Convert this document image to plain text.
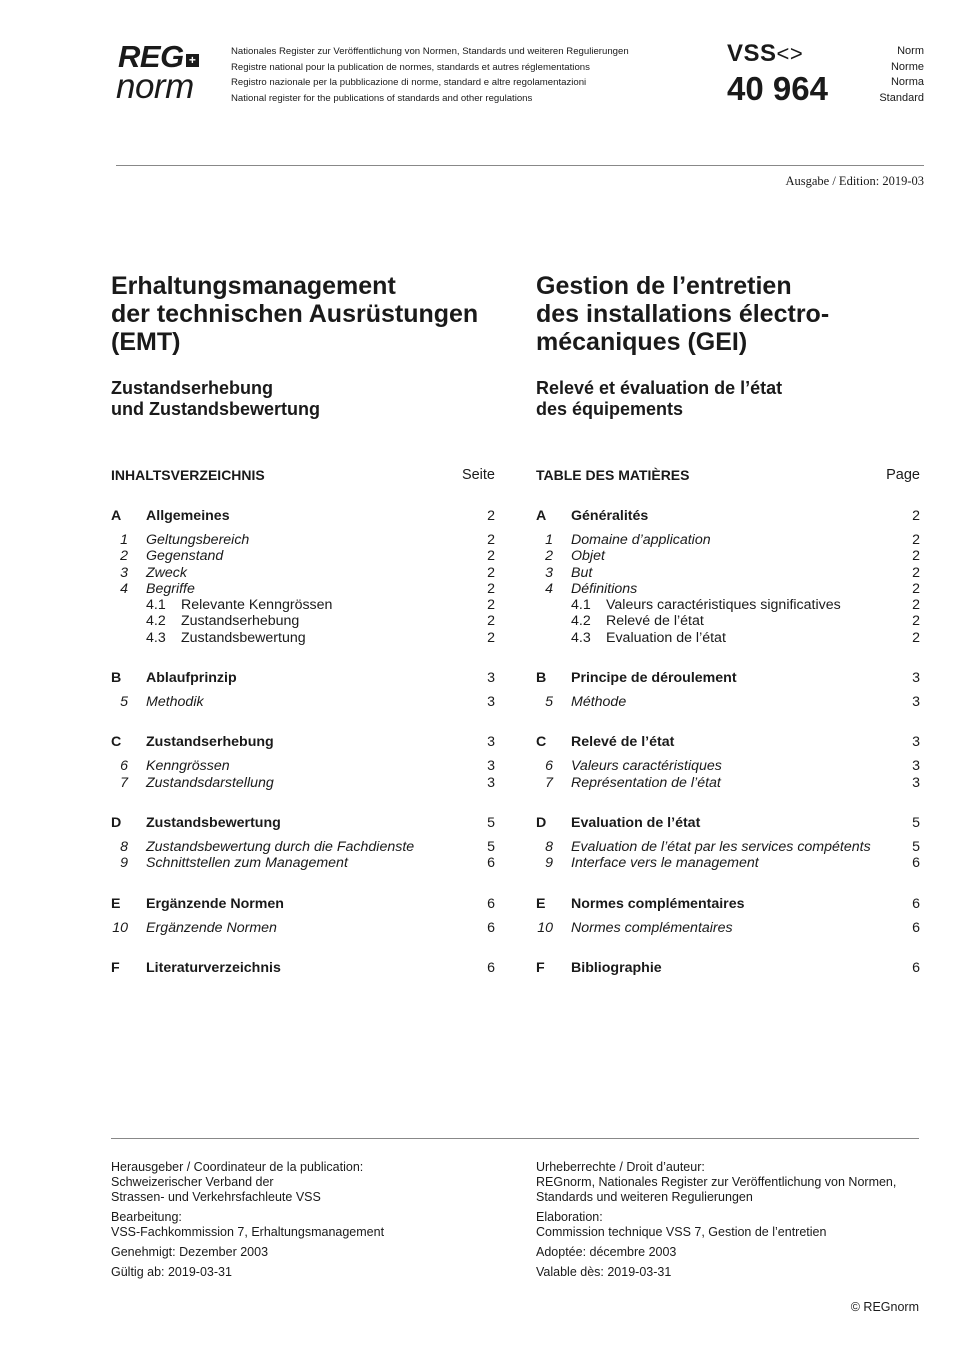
REG +
norm
Nationales Register zur Veröffentlichung von Normen, Standards und weiteren Regulierungen
Registre national pour la publication de normes, standards et autres réglementations
Registro nazionale per la pubblicazione di norme, standard e altre regolamentazioni
National register for the publications of standards and other regulations
VSS<>
40 964
Norm
Norme
Norma
Standard
Ausgabe / Edition: 2019-03
Erhaltungsmanagement
der technischen Ausrüstungen
(EMT)
Zustandserhebung
und Zustandsbewertung
Gestion de l’entretien
des installations électro-
mécaniques (GEI)
Relevé et évaluation de l’état
des équipements
INHALTSVERZEICHNIS	Seite	TABLE DES MATIÈRES	Page
A Allgemeines	2
1 Geltungsbereich	2
2 Gegenstand	2
3 Zweck	2
4 Begriffe	2
4.1 Relevante Kenngrössen	2
4.2 Zustandserhebung	2
4.3 Zustandsbewertung	2
B Ablaufprinzip	3
5 Methodik	3
C Zustandserhebung	3
6 Kenngrössen	3
7 Zustandsdarstellung	3
D Zustandsbewertung	5
8 Zustandsbewertung durch die Fachdienste	5
9 Schnittstellen zum Management	6
E Ergänzende Normen	6
10 Ergänzende Normen	6
F Literaturverzeichnis	6
A Généralités	2
1 Domaine d’application	2
2 Objet	2
3 But	2
4 Définitions	2
4.1 Valeurs caractéristiques significatives	2
4.2 Relevé de l’état	2
4.3 Evaluation de l’état	2
B Principe de déroulement	3
5 Méthode	3
C Relevé de l’état	3
6 Valeurs caractéristiques	3
7 Représentation de l’état	3
D Evaluation de l’état	5
8 Evaluation de l’état par les services compétents	5
9 Interface vers le management	6
E Normes complémentaires	6
10 Normes complémentaires	6
F Bibliographie	6

Herausgeber / Coordinateur de la publication:
Schweizerischer Verband der
Strassen- und Verkehrsfachleute VSS

Bearbeitung:
VSS-Fachkommission 7, Erhaltungsmanagement

Genehmigt: Dezember 2003

Gültig ab: 2019-03-31

Urheberrechte / Droit d’auteur:
REGnorm, Nationales Register zur Veröffentlichung von Normen,
Standards und weiteren Regulierungen

Elaboration:
Commission technique VSS 7, Gestion de l’entretien

Adoptée: décembre 2003

Valable dès: 2019-03-31

© REGnorm
